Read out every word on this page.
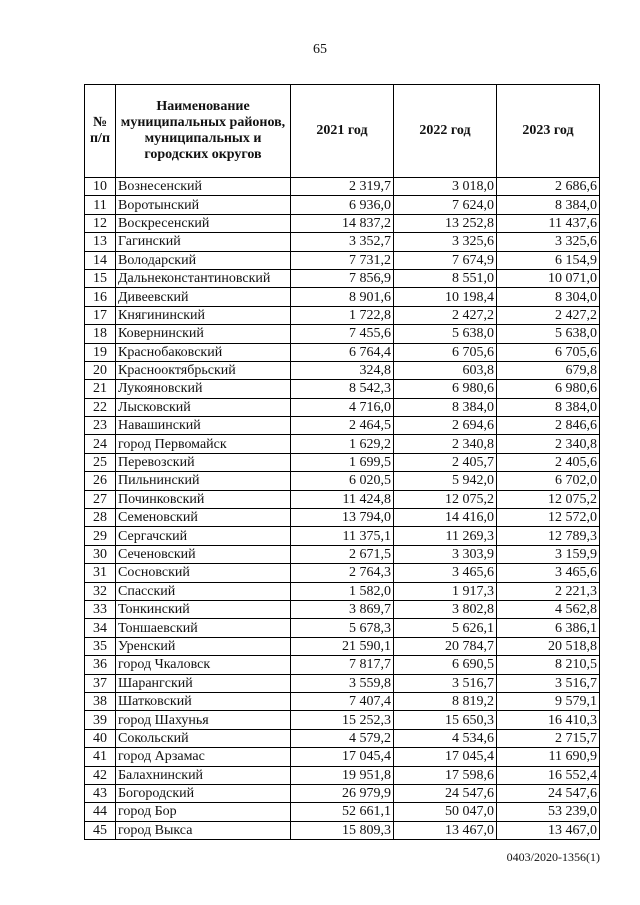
65
№ п/п	Наименование муниципальных районов, муниципальных и городских округов	2021 год	2022 год	2023 год
10	Вознесенский	2 319,7	3 018,0	2 686,6
11	Воротынский	6 936,0	7 624,0	8 384,0
12	Воскресенский	14 837,2	13 252,8	11 437,6
13	Гагинский	3 352,7	3 325,6	3 325,6
14	Володарский	7 731,2	7 674,9	6 154,9
15	Дальнеконстантиновский	7 856,9	8 551,0	10 071,0
16	Дивеевский	8 901,6	10 198,4	8 304,0
17	Княгининский	1 722,8	2 427,2	2 427,2
18	Ковернинский	7 455,6	5 638,0	5 638,0
19	Краснобаковский	6 764,4	6 705,6	6 705,6
20	Краснооктябрьский	324,8	603,8	679,8
21	Лукояновский	8 542,3	6 980,6	6 980,6
22	Лысковский	4 716,0	8 384,0	8 384,0
23	Навашинский	2 464,5	2 694,6	2 846,6
24	город Первомайск	1 629,2	2 340,8	2 340,8
25	Перевозский	1 699,5	2 405,7	2 405,6
26	Пильнинский	6 020,5	5 942,0	6 702,0
27	Починковский	11 424,8	12 075,2	12 075,2
28	Семеновский	13 794,0	14 416,0	12 572,0
29	Сергачский	11 375,1	11 269,3	12 789,3
30	Сеченовский	2 671,5	3 303,9	3 159,9
31	Сосновский	2 764,3	3 465,6	3 465,6
32	Спасский	1 582,0	1 917,3	2 221,3
33	Тонкинский	3 869,7	3 802,8	4 562,8
34	Тоншаевский	5 678,3	5 626,1	6 386,1
35	Уренский	21 590,1	20 784,7	20 518,8
36	город Чкаловск	7 817,7	6 690,5	8 210,5
37	Шарангский	3 559,8	3 516,7	3 516,7
38	Шатковский	7 407,4	8 819,2	9 579,1
39	город Шахунья	15 252,3	15 650,3	16 410,3
40	Сокольский	4 579,2	4 534,6	2 715,7
41	город Арзамас	17 045,4	17 045,4	11 690,9
42	Балахнинский	19 951,8	17 598,6	16 552,4
43	Богородский	26 979,9	24 547,6	24 547,6
44	город Бор	52 661,1	50 047,0	53 239,0
45	город Выкса	15 809,3	13 467,0	13 467,0
0403/2020-1356(1)
